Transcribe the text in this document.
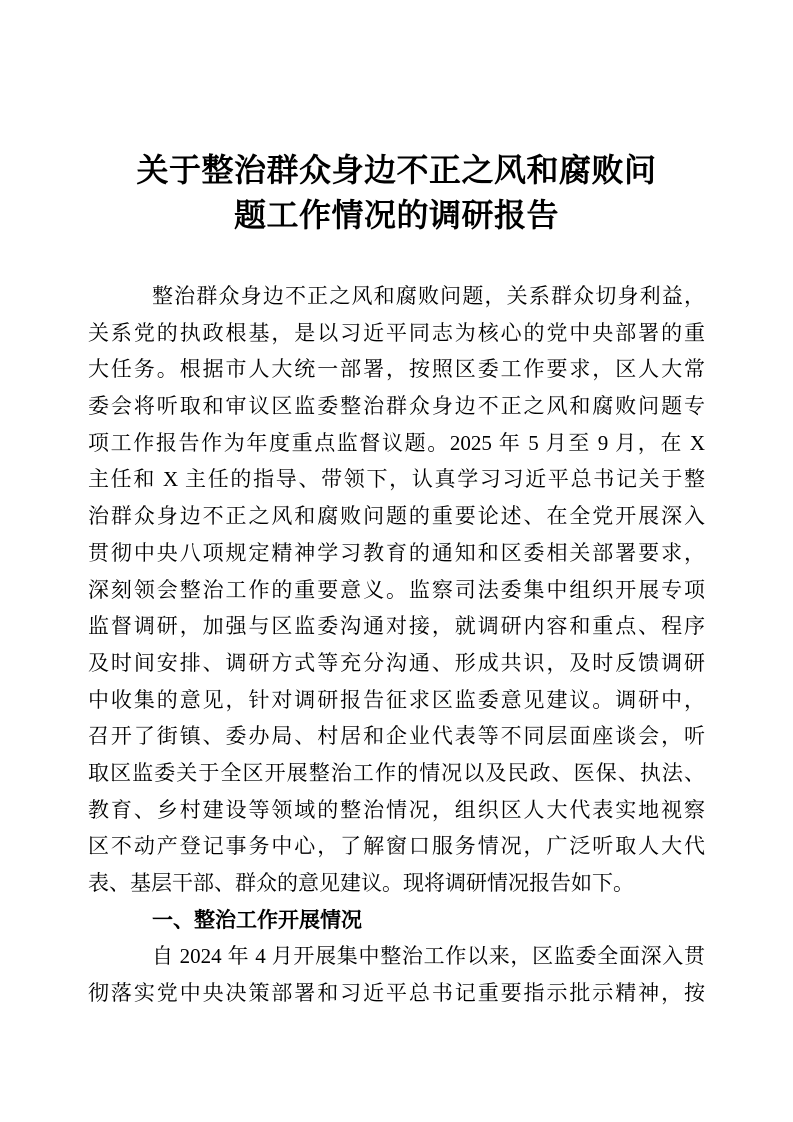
关于整治群众身边不正之风和腐败问
题工作情况的调研报告
整治群众身边不正之风和腐败问题，关系群众切身利益，
关系党的执政根基，是以习近平同志为核心的党中央部署的重
大任务。根据市人大统一部署，按照区委工作要求，区人大常
委会将听取和审议区监委整治群众身边不正之风和腐败问题专
项工作报告作为年度重点监督议题。2025 年 5 月至 9 月，在 X
主任和 X 主任的指导、带领下，认真学习习近平总书记关于整
治群众身边不正之风和腐败问题的重要论述、在全党开展深入
贯彻中央八项规定精神学习教育的通知和区委相关部署要求，
深刻领会整治工作的重要意义。监察司法委集中组织开展专项
监督调研，加强与区监委沟通对接，就调研内容和重点、程序
及时间安排、调研方式等充分沟通、形成共识，及时反馈调研
中收集的意见，针对调研报告征求区监委意见建议。调研中，
召开了街镇、委办局、村居和企业代表等不同层面座谈会，听
取区监委关于全区开展整治工作的情况以及民政、医保、执法、
教育、乡村建设等领域的整治情况，组织区人大代表实地视察
区不动产登记事务中心，了解窗口服务情况，广泛听取人大代
表、基层干部、群众的意见建议。现将调研情况报告如下。
一、整治工作开展情况
自 2024 年 4 月开展集中整治工作以来，区监委全面深入贯
彻落实党中央决策部署和习近平总书记重要指示批示精神，按
